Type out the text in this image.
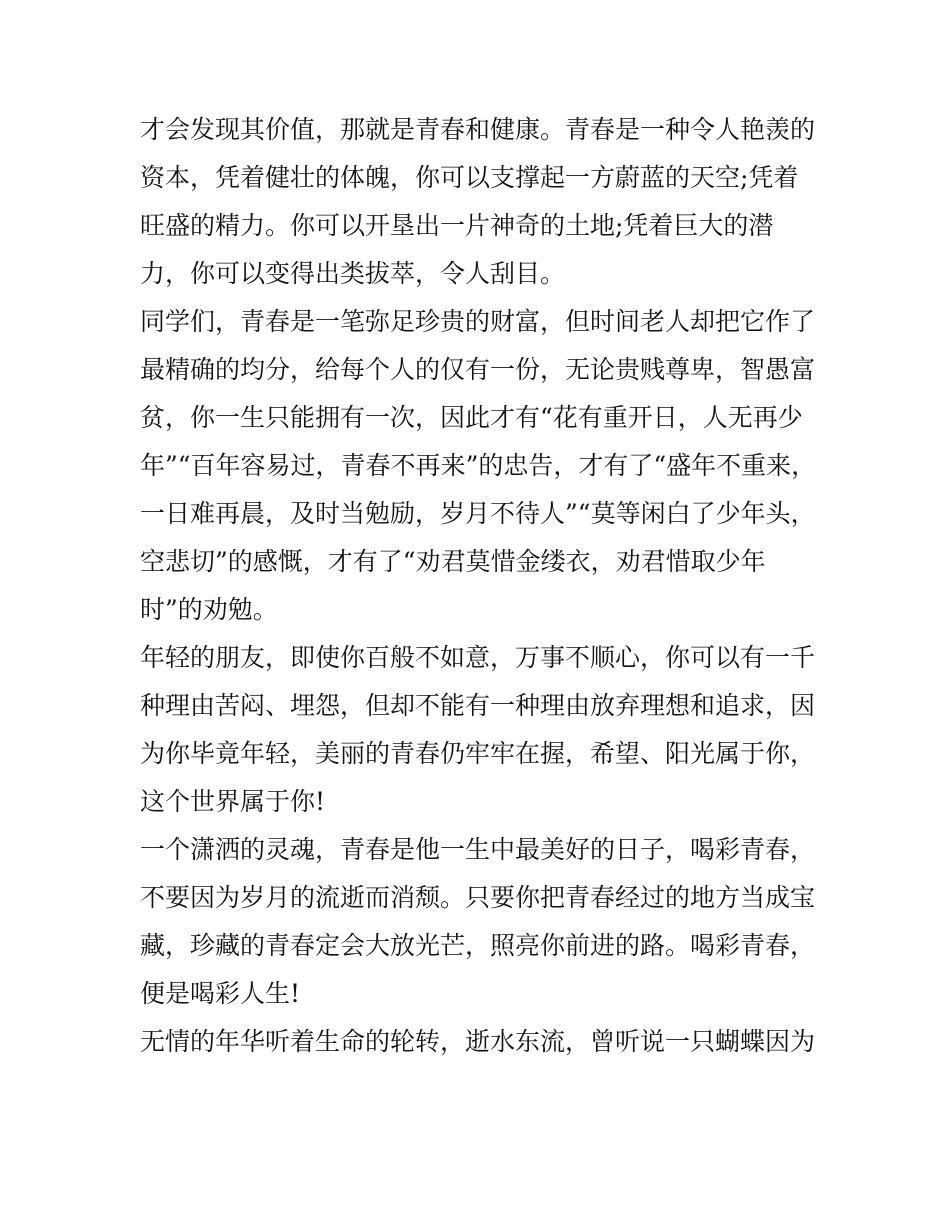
才会发现其价值，那就是青春和健康。青春是一种令人艳羡的
资本，凭着健壮的体魄，你可以支撑起一方蔚蓝的天空;凭着
旺盛的精力。你可以开垦出一片神奇的土地;凭着巨大的潜
力，你可以变得出类拔萃，令人刮目。
同学们，青春是一笔弥足珍贵的财富，但时间老人却把它作了
最精确的均分，给每个人的仅有一份，无论贵贱尊卑，智愚富
贫，你一生只能拥有一次，因此才有“花有重开日，人无再少
年”“百年容易过，青春不再来”的忠告，才有了“盛年不重来，
一日难再晨，及时当勉励，岁月不待人”“莫等闲白了少年头，
空悲切”的感慨，才有了“劝君莫惜金缕衣，劝君惜取少年
时”的劝勉。
年轻的朋友，即使你百般不如意，万事不顺心，你可以有一千
种理由苦闷、埋怨，但却不能有一种理由放弃理想和追求，因
为你毕竟年轻，美丽的青春仍牢牢在握，希望、阳光属于你，
这个世界属于你!
一个潇洒的灵魂，青春是他一生中最美好的日子，喝彩青春，
不要因为岁月的流逝而消颓。只要你把青春经过的地方当成宝
藏，珍藏的青春定会大放光芒，照亮你前进的路。喝彩青春，
便是喝彩人生!
无情的年华听着生命的轮转，逝水东流，曾听说一只蝴蝶因为
